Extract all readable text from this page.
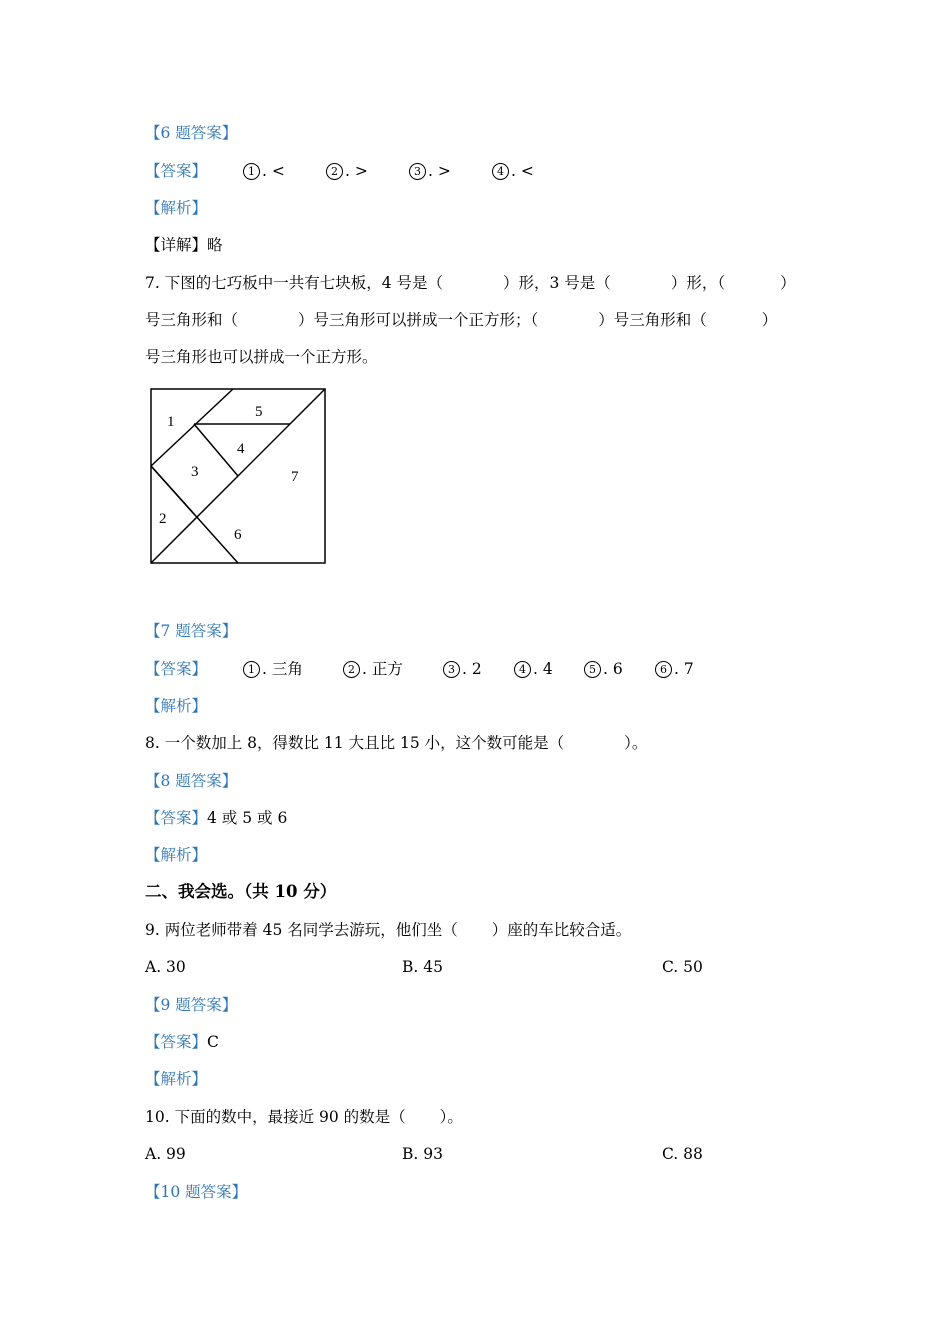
【6 题答案】
【答案】	1 . <	2 . >	3 . >	4 . <
【解析】
【详解】略
7. 下图的七巧板中一共有七块板，4 号是（	）形，3 号是（	）形，（	）
号三角形和（	）号三角形可以拼成一个正方形；（	）号三角形和（	）
号三角形也可以拼成一个正方形。
1
2
3
4
5
6
7
【7 题答案】
【答案】	1 . 三角	2 . 正方	3 . 2	4 . 4	5 . 6	6 . 7
【解析】
8. 一个数加上 8，得数比 11 大且比 15 小，这个数可能是（	）。
【8 题答案】
【答案】4 或 5 或 6
【解析】
二、我会选。（共 10 分）
9. 两位老师带着 45 名同学去游玩，他们坐（ ）座的车比较合适。
A. 30	B. 45	C. 50
【9 题答案】
【答案】C
【解析】
10. 下面的数中，最接近 90 的数是（ ）。
A. 99	B. 93	C. 88
【10 题答案】
